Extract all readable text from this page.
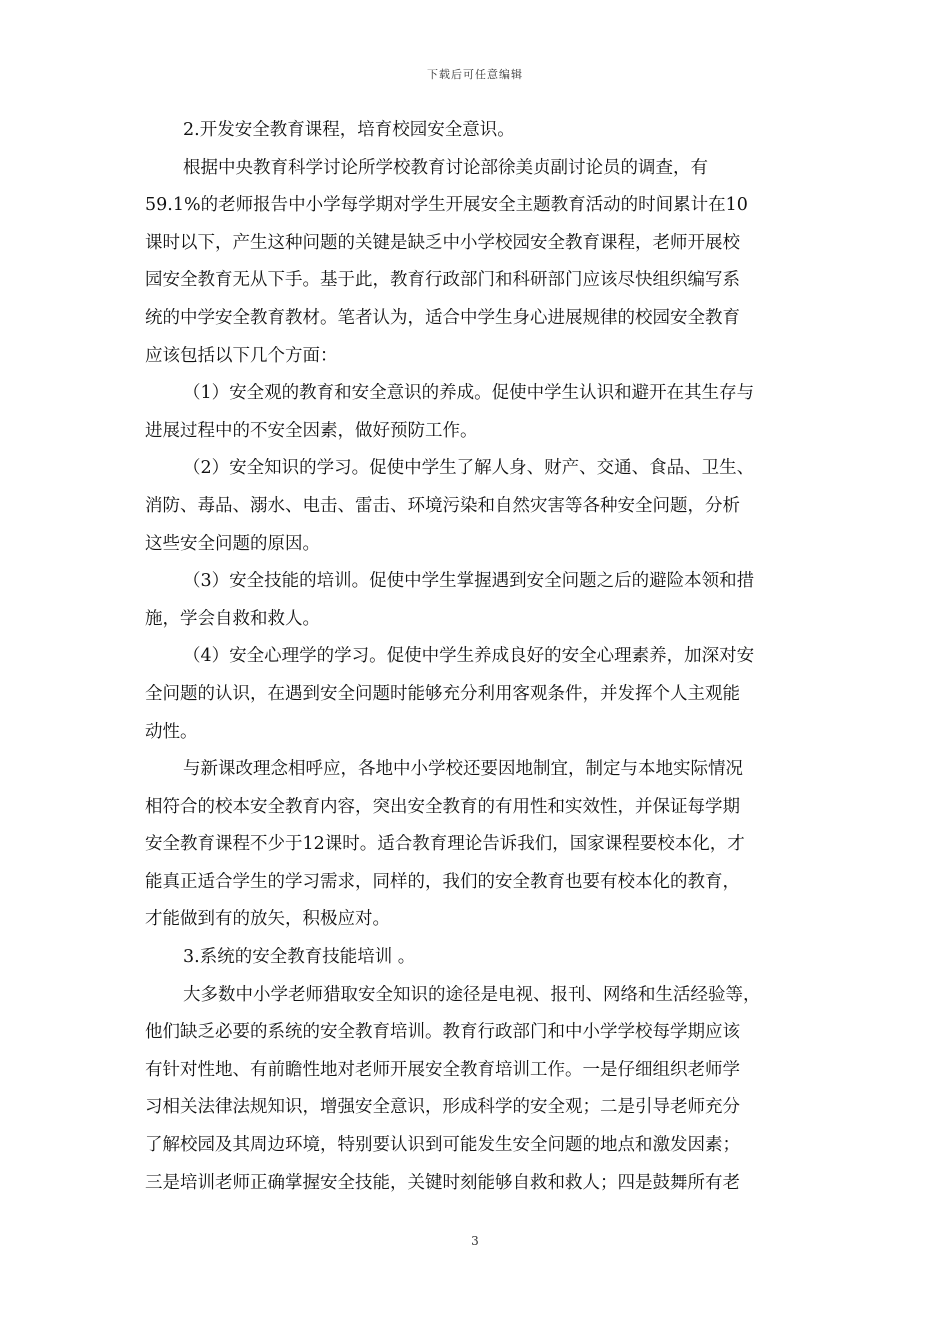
下载后可任意编辑
2.开发安全教育课程，培育校园安全意识。
根据中央教育科学讨论所学校教育讨论部徐美贞副讨论员的调查，有
59.1%的老师报告中小学每学期对学生开展安全主题教育活动的时间累计在10
课时以下，产生这种问题的关键是缺乏中小学校园安全教育课程，老师开展校
园安全教育无从下手。基于此，教育行政部门和科研部门应该尽快组织编写系
统的中学安全教育教材。笔者认为，适合中学生身心进展规律的校园安全教育
应该包括以下几个方面：
（1）安全观的教育和安全意识的养成。促使中学生认识和避开在其生存与
进展过程中的不安全因素，做好预防工作。
（2）安全知识的学习。促使中学生了解人身、财产、交通、食品、卫生、
消防、毒品、溺水、电击、雷击、环境污染和自然灾害等各种安全问题，分析
这些安全问题的原因。
（3）安全技能的培训。促使中学生掌握遇到安全问题之后的避险本领和措
施，学会自救和救人。
（4）安全心理学的学习。促使中学生养成良好的安全心理素养，加深对安
全问题的认识，在遇到安全问题时能够充分利用客观条件，并发挥个人主观能
动性。
与新课改理念相呼应，各地中小学校还要因地制宜，制定与本地实际情况
相符合的校本安全教育内容，突出安全教育的有用性和实效性，并保证每学期
安全教育课程不少于12课时。适合教育理论告诉我们，国家课程要校本化，才
能真正适合学生的学习需求，同样的，我们的安全教育也要有校本化的教育，
才能做到有的放矢，积极应对。
3.系统的安全教育技能培训 。
大多数中小学老师猎取安全知识的途径是电视、报刊、网络和生活经验等，
他们缺乏必要的系统的安全教育培训。教育行政部门和中小学学校每学期应该
有针对性地、有前瞻性地对老师开展安全教育培训工作。一是仔细组织老师学
习相关法律法规知识，增强安全意识，形成科学的安全观；二是引导老师充分
了解校园及其周边环境，特别要认识到可能发生安全问题的地点和激发因素；
三是培训老师正确掌握安全技能，关键时刻能够自救和救人；四是鼓舞所有老
3
